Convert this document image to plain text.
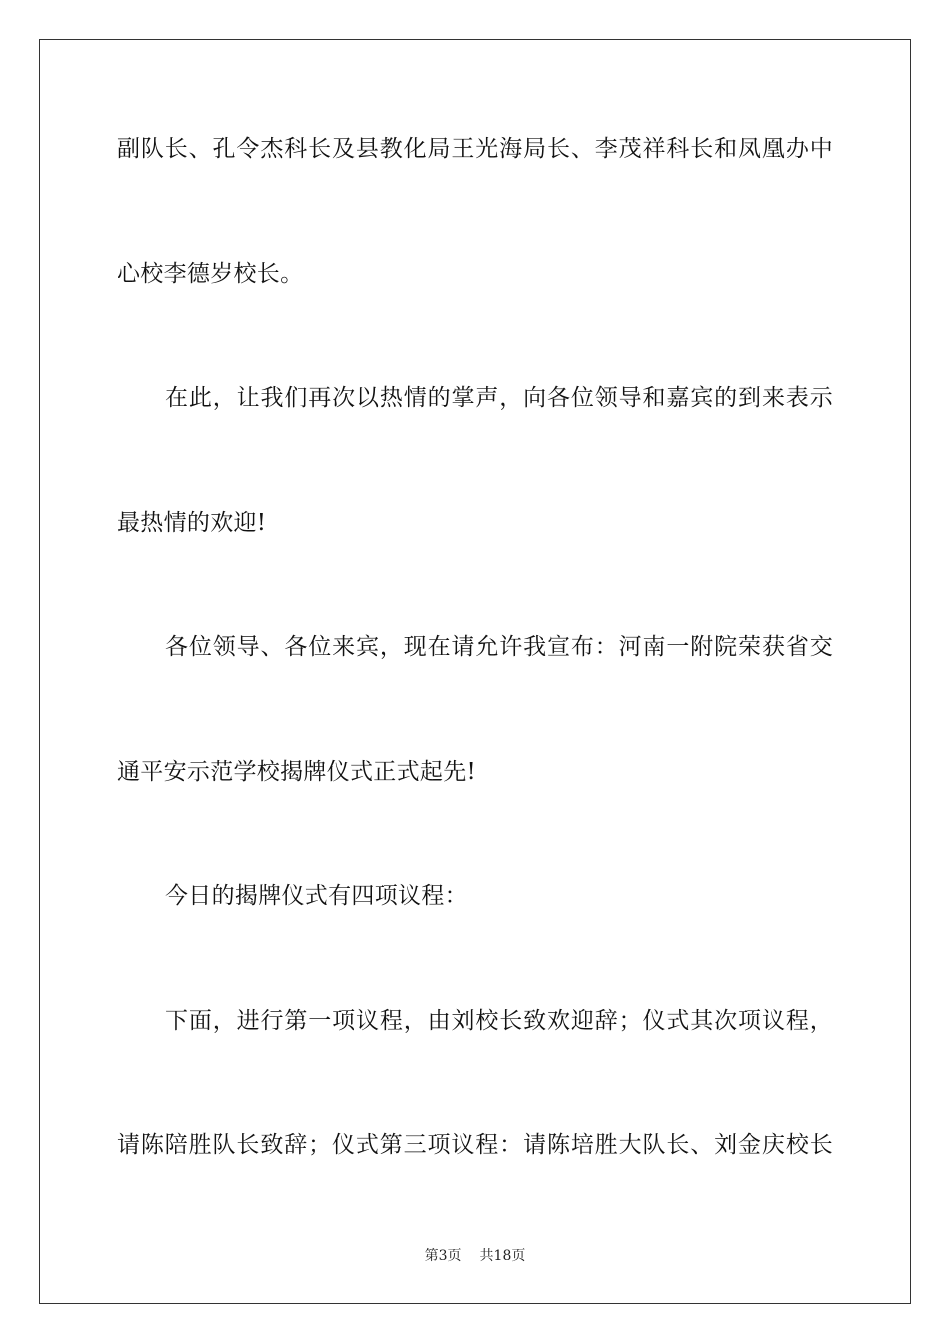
副队长、孔令杰科长及县教化局王光海局长、李茂祥科长和凤凰办中
心校李德岁校长。
在此，让我们再次以热情的掌声，向各位领导和嘉宾的到来表示
最热情的欢迎!
各位领导、各位来宾，现在请允许我宣布：河南一附院荣获省交
通平安示范学校揭牌仪式正式起先!
今日的揭牌仪式有四项议程：
下面，进行第一项议程，由刘校长致欢迎辞；仪式其次项议程，
请陈陪胜队长致辞；仪式第三项议程：请陈培胜大队长、刘金庆校长
第3页 共18页
